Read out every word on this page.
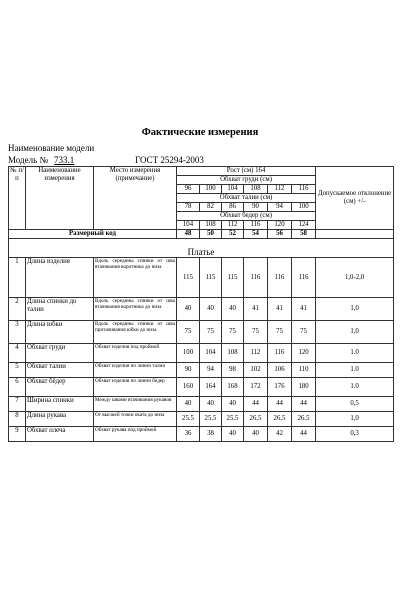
Фактические измерения
Наименование модели
Модель № 733.1	ГОСТ 25294-2003
№ п/п	Наименование измерения	Место измерения (примечание)	Рост (см) 164						Допускаемое отклонение (см) +/-
			Обхват груди (см)						
			96	100	104	108	112	116	
			Обхват талии (см)						
			78	82	86	90	94	100	
			Обхват бедер (см)						
			104	108	112	116	120	124	
Размерный код			48	50	52	54	56	58	
Платье									
1	Длина изделия	Вдоль середины спинки от шва втачивания воротника до низа	115	115	115	116	116	116	1,0-2,0
2	Длина спинки до талии	Вдоль середины спинки от шва втачивания воротника до низа	40	40	40	41	41	41	1,0
3	Длина юбки	Вдоль середины спинки от шва притачивания юбки до низа	75	75	75	75	75	75	1,0
4	Обхват груди	Обхват изделия под проймой	100	104	108	112	116	120	1.0
5	Обхват талии	Обхват изделия по линии талии	90	94	98	102	106	110	1.0
6	Обхват бёдер	Обхват изделия по линии бёдер	160	164	168	172	176	180	1.0
7	Ширина спинки	Между швами втачивания рукавов	40	40	40	44	44	44	0,5
8	Длина рукава	От высшей точки оката до низа	25.5	25.5	25.5	26.5	26.5	26.5	1,0
9	Обхват плеча	Обхват рукава под проймой	36	38	40	40	42	44	0,3
